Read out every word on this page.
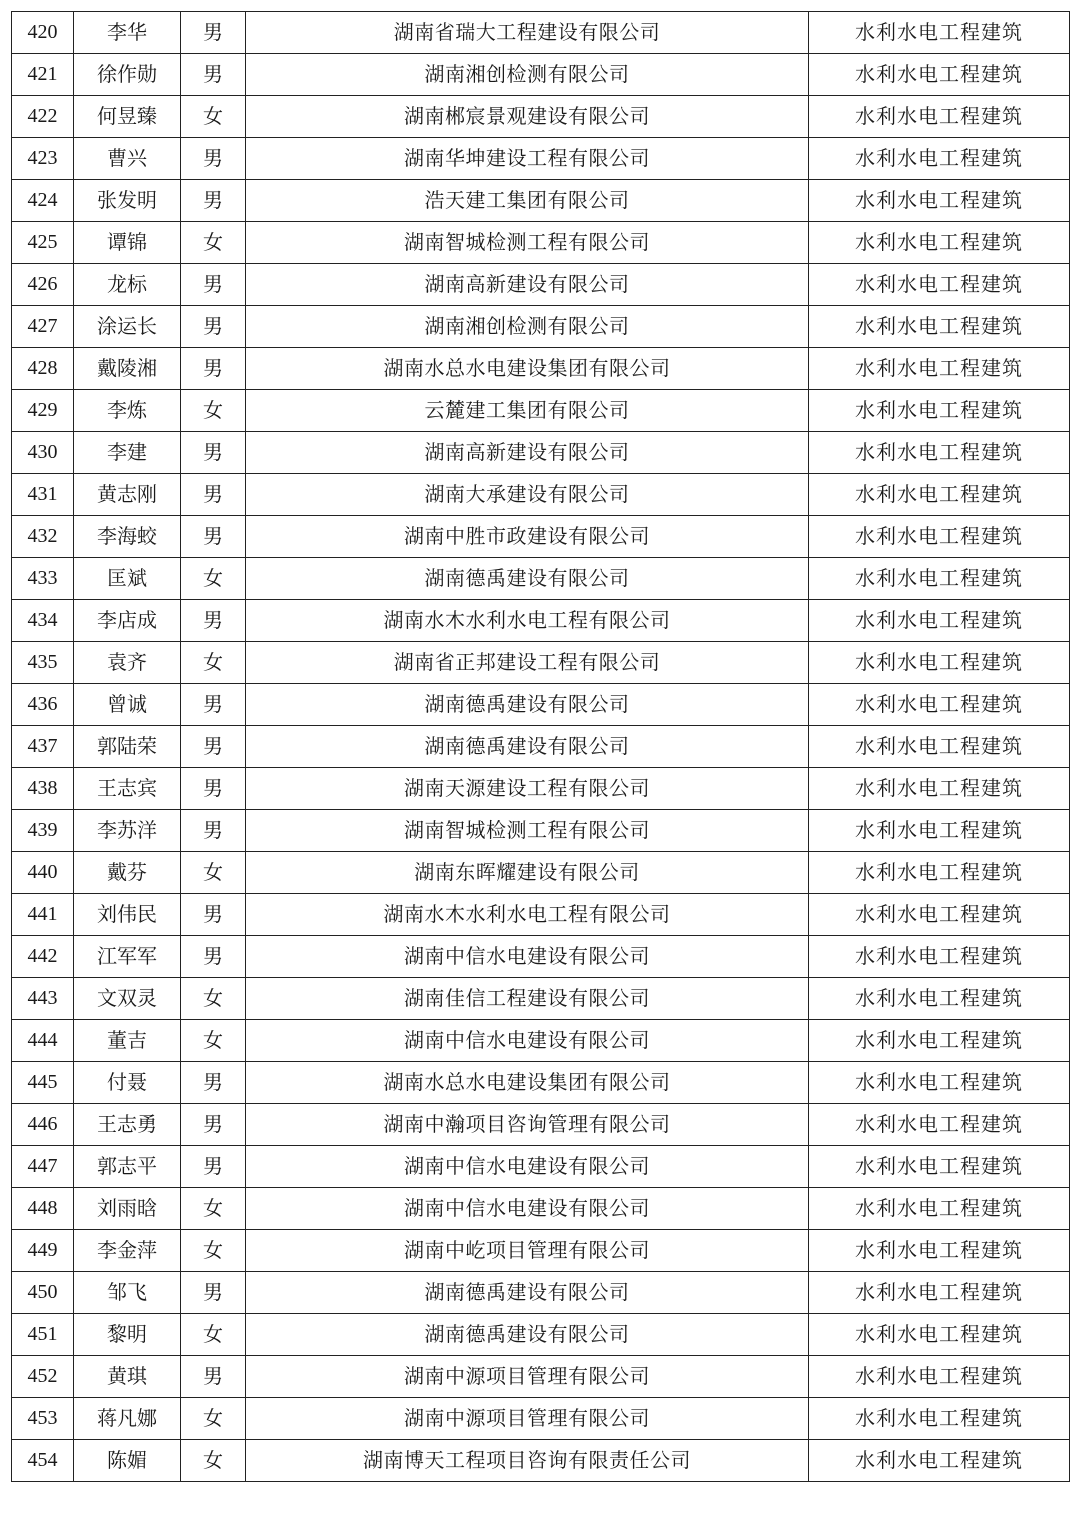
420	李华	男	湖南省瑞大工程建设有限公司	水利水电工程建筑
421	徐作勋	男	湖南湘创检测有限公司	水利水电工程建筑
422	何昱臻	女	湖南郴宸景观建设有限公司	水利水电工程建筑
423	曹兴	男	湖南华坤建设工程有限公司	水利水电工程建筑
424	张发明	男	浩天建工集团有限公司	水利水电工程建筑
425	谭锦	女	湖南智城检测工程有限公司	水利水电工程建筑
426	龙标	男	湖南高新建设有限公司	水利水电工程建筑
427	涂运长	男	湖南湘创检测有限公司	水利水电工程建筑
428	戴陵湘	男	湖南水总水电建设集团有限公司	水利水电工程建筑
429	李炼	女	云麓建工集团有限公司	水利水电工程建筑
430	李建	男	湖南高新建设有限公司	水利水电工程建筑
431	黄志刚	男	湖南大承建设有限公司	水利水电工程建筑
432	李海蛟	男	湖南中胜市政建设有限公司	水利水电工程建筑
433	匡斌	女	湖南德禹建设有限公司	水利水电工程建筑
434	李店成	男	湖南水木水利水电工程有限公司	水利水电工程建筑
435	袁齐	女	湖南省正邦建设工程有限公司	水利水电工程建筑
436	曾诚	男	湖南德禹建设有限公司	水利水电工程建筑
437	郭陆荣	男	湖南德禹建设有限公司	水利水电工程建筑
438	王志宾	男	湖南天源建设工程有限公司	水利水电工程建筑
439	李苏洋	男	湖南智城检测工程有限公司	水利水电工程建筑
440	戴芬	女	湖南东晖耀建设有限公司	水利水电工程建筑
441	刘伟民	男	湖南水木水利水电工程有限公司	水利水电工程建筑
442	江军军	男	湖南中信水电建设有限公司	水利水电工程建筑
443	文双灵	女	湖南佳信工程建设有限公司	水利水电工程建筑
444	董吉	女	湖南中信水电建设有限公司	水利水电工程建筑
445	付聂	男	湖南水总水电建设集团有限公司	水利水电工程建筑
446	王志勇	男	湖南中瀚项目咨询管理有限公司	水利水电工程建筑
447	郭志平	男	湖南中信水电建设有限公司	水利水电工程建筑
448	刘雨晗	女	湖南中信水电建设有限公司	水利水电工程建筑
449	李金萍	女	湖南中屹项目管理有限公司	水利水电工程建筑
450	邹飞	男	湖南德禹建设有限公司	水利水电工程建筑
451	黎明	女	湖南德禹建设有限公司	水利水电工程建筑
452	黄琪	男	湖南中源项目管理有限公司	水利水电工程建筑
453	蒋凡娜	女	湖南中源项目管理有限公司	水利水电工程建筑
454	陈媚	女	湖南博天工程项目咨询有限责任公司	水利水电工程建筑
